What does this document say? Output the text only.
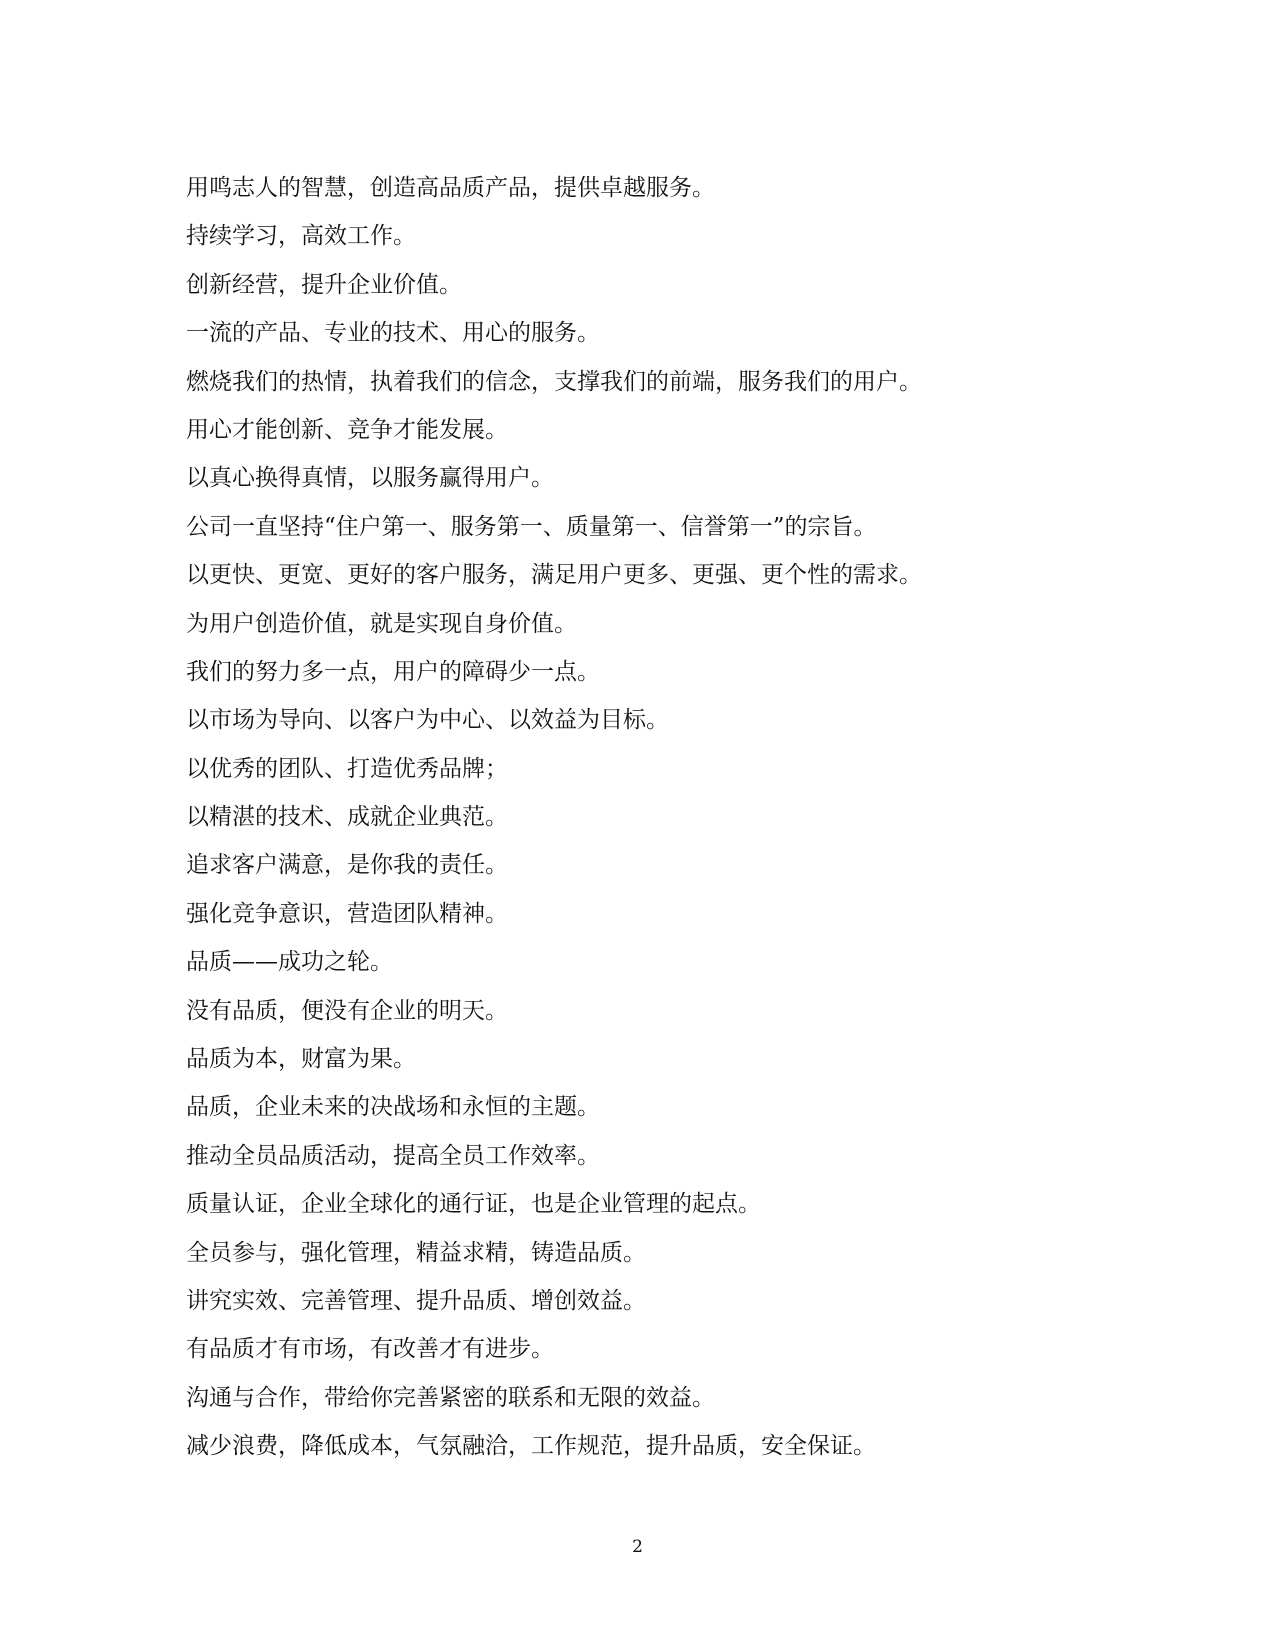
用鸣志人的智慧，创造高品质产品，提供卓越服务。
持续学习，高效工作。
创新经营，提升企业价值。
一流的产品、专业的技术、用心的服务。
燃烧我们的热情，执着我们的信念，支撑我们的前端，服务我们的用户。
用心才能创新、竞争才能发展。
以真心换得真情，以服务赢得用户。
公司一直坚持“住户第一、服务第一、质量第一、信誉第一”的宗旨。
以更快、更宽、更好的客户服务，满足用户更多、更强、更个性的需求。
为用户创造价值，就是实现自身价值。
我们的努力多一点，用户的障碍少一点。
以市场为导向、以客户为中心、以效益为目标。
以优秀的团队、打造优秀品牌；
以精湛的技术、成就企业典范。
追求客户满意，是你我的责任。
强化竞争意识，营造团队精神。
品质——成功之轮。
没有品质，便没有企业的明天。
品质为本，财富为果。
品质，企业未来的决战场和永恒的主题。
推动全员品质活动，提高全员工作效率。
质量认证，企业全球化的通行证，也是企业管理的起点。
全员参与，强化管理，精益求精，铸造品质。
讲究实效、完善管理、提升品质、增创效益。
有品质才有市场，有改善才有进步。
沟通与合作，带给你完善紧密的联系和无限的效益。
减少浪费，降低成本，气氛融洽，工作规范，提升品质，安全保证。
2
